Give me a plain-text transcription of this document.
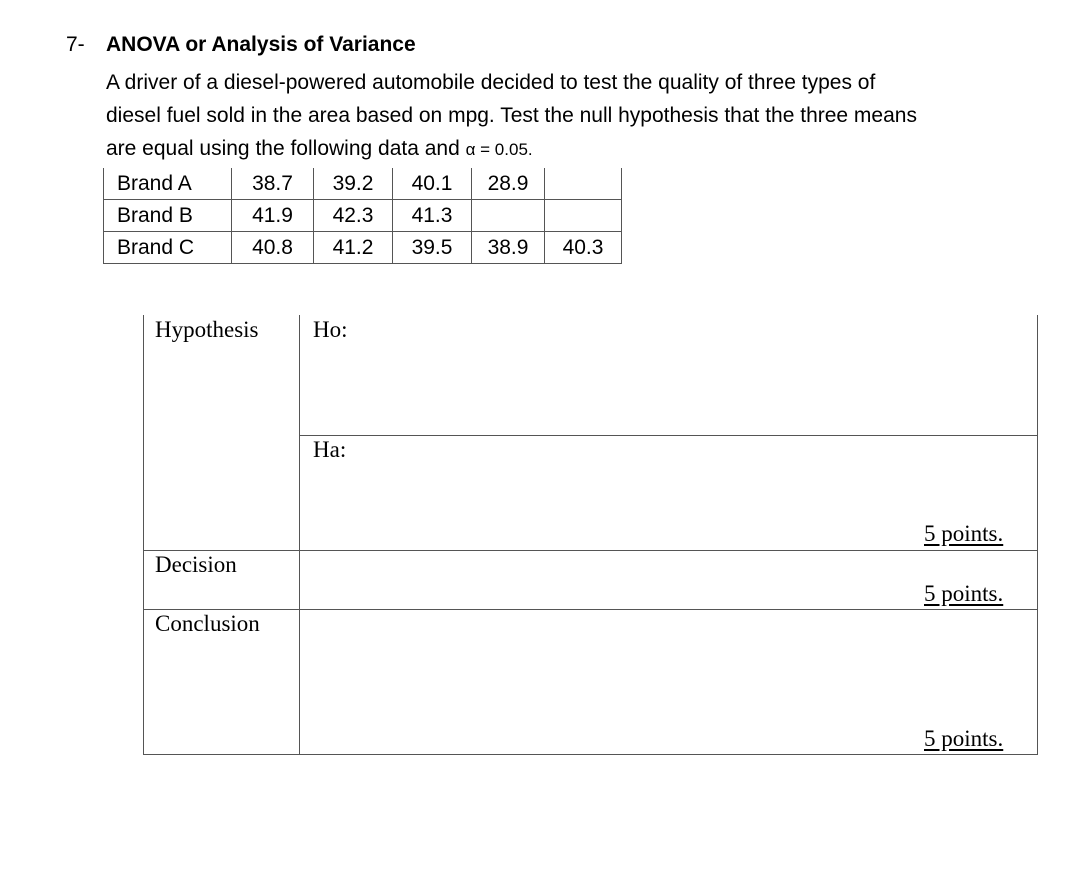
7- ANOVA or Analysis of Variance
A driver of a diesel-powered automobile decided to test the quality of three types of
diesel fuel sold in the area based on mpg. Test the null hypothesis that the three means
are equal using the following data and α = 0.05.
Brand A	38.7	39.2	40.1	28.9	
Brand B	41.9	42.3	41.3		
Brand C	40.8	41.2	39.5	38.9	40.3
Hypothesis Ho:
Ha:
5 points.
Decision
5 points.
Conclusion
5 points.
